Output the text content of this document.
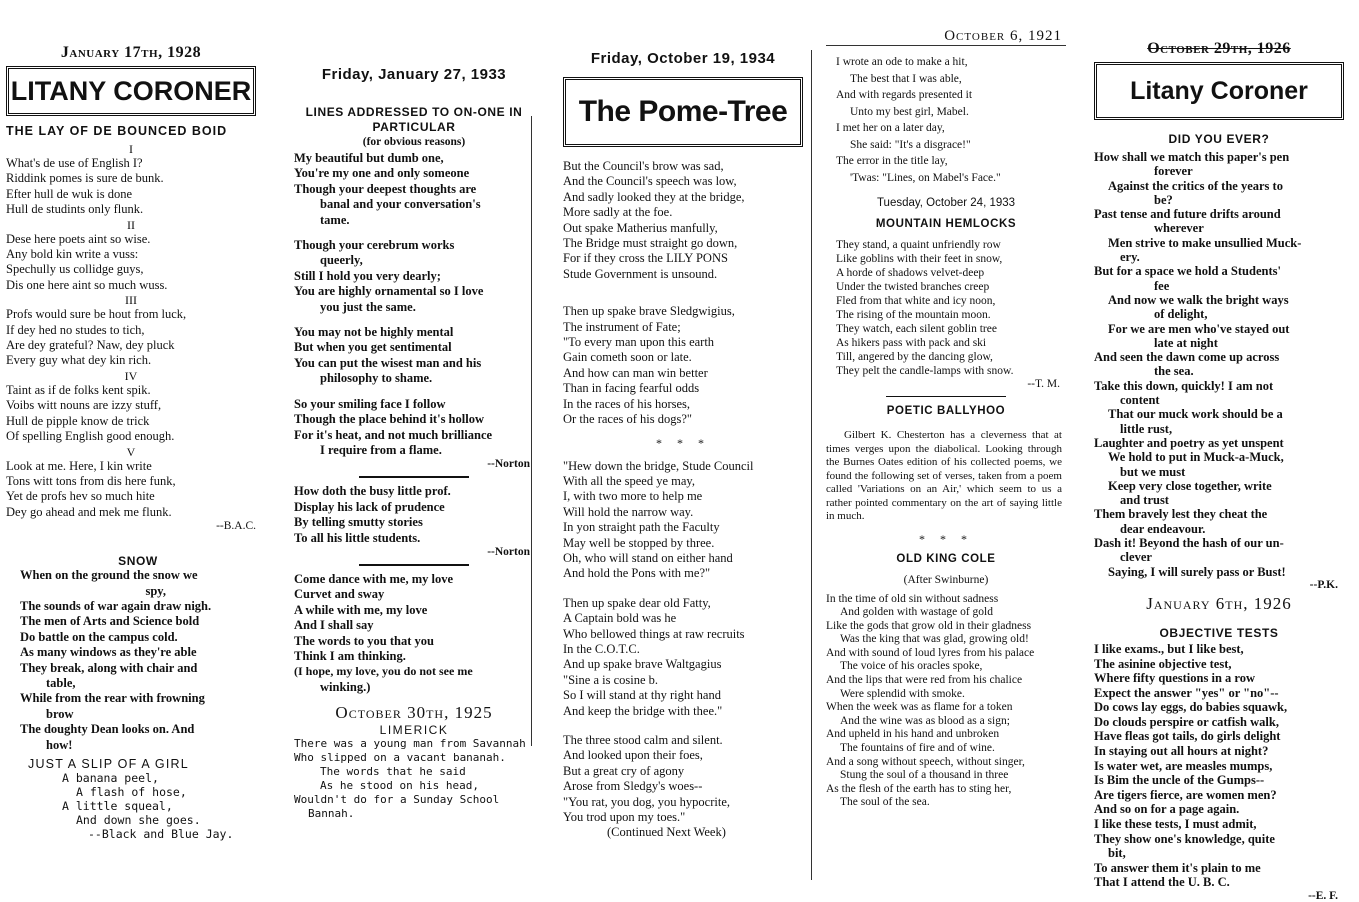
January 17th, 1928
LITANY CORONER
THE LAY OF DE BOUNCED BOID
I
What's de use of English I?
Riddink pomes is sure de bunk.
Efter hull de wuk is done
Hull de studints only flunk.
II
Dese here poets aint so wise.
Any bold kin write a vuss:
Spechully us collidge guys,
Dis one here aint so much wuss.
III
Profs would sure be hout from luck,
If dey hed no studes to tich,
Are dey grateful? Naw, dey pluck
Every guy what dey kin rich.
IV
Taint as if de folks kent spik.
Voibs witt nouns are izzy stuff,
Hull de pipple know de trick
Of spelling English good enough.
V
Look at me. Here, I kin write
Tons witt tons from dis here funk,
Yet de profs hev so much hite
Dey go ahead and mek me flunk.
--B.A.C.
SNOW
When on the ground the snow we
spy,
The sounds of war again draw nigh.
The men of Arts and Science bold
Do battle on the campus cold.
As many windows as they're able
They break, along with chair and
table,
While from the rear with frowning
brow
The doughty Dean looks on. And
how!
JUST A SLIP OF A GIRL
A banana peel,
A flash of hose,
A little squeal,
And down she goes.
--Black and Blue Jay.
Friday, January 27, 1933
LINES ADDRESSED TO ON-ONE IN PARTICULAR
(for obvious reasons)
My beautiful but dumb one,
You're my one and only someone
Though your deepest thoughts are
banal and your conversation's
tame.
Though your cerebrum works
queerly,
Still I hold you very dearly;
You are highly ornamental so I love
you just the same.
You may not be highly mental
But when you get sentimental
You can put the wisest man and his
philosophy to shame.
So your smiling face I follow
Though the place behind it's hollow
For it's heat, and not much brilliance
I require from a flame.
--Norton
How doth the busy little prof.
Display his lack of prudence
By telling smutty stories
To all his little students.
--Norton
Come dance with me, my love
Curvet and sway
A while with me, my love
And I shall say
The words to you that you
Think I am thinking.
(I hope, my love, you do not see me
winking.)
October 30th, 1925
LIMERICK
There was a young man from Savannah
Who slipped on a vacant bananah.
The words that he said
As he stood on his head,
Wouldn't do for a Sunday School
Bannah.
Friday, October 19, 1934
The Pome-Tree
But the Council's brow was sad,
And the Council's speech was low,
And sadly looked they at the bridge,
More sadly at the foe.
Out spake Matherius manfully,
The Bridge must straight go down,
For if they cross the LILY PONS
Stude Government is unsound.
Then up spake brave Sledgwigius,
The instrument of Fate;
"To every man upon this earth
Gain cometh soon or late.
And how can man win better
Than in facing fearful odds
In the races of his horses,
Or the races of his dogs?"
* * *
"Hew down the bridge, Stude Council
With all the speed ye may,
I, with two more to help me
Will hold the narrow way.
In yon straight path the Faculty
May well be stopped by three.
Oh, who will stand on either hand
And hold the Pons with me?"
Then up spake dear old Fatty,
A Captain bold was he
Who bellowed things at raw recruits
In the C.O.T.C.
And up spake brave Waltgagius
"Sine a is cosine b.
So I will stand at thy right hand
And keep the bridge with thee."
The three stood calm and silent.
And looked upon their foes,
But a great cry of agony
Arose from Sledgy's woes--
"You rat, you dog, you hypocrite,
You trod upon my toes."
(Continued Next Week)
October 6, 1921
I wrote an ode to make a hit,
The best that I was able,
And with regards presented it
Unto my best girl, Mabel.
I met her on a later day,
She said: "It's a disgrace!"
The error in the title lay,
'Twas: "Lines, on Mabel's Face."
Tuesday, October 24, 1933
MOUNTAIN HEMLOCKS
They stand, a quaint unfriendly row
Like goblins with their feet in snow,
A horde of shadows velvet-deep
Under the twisted branches creep
Fled from that white and icy noon,
The rising of the mountain moon.
They watch, each silent goblin tree
As hikers pass with pack and ski
Till, angered by the dancing glow,
They pelt the candle-lamps with snow.
--T. M.
POETIC BALLYHOO
Gilbert K. Chesterton has a cleverness that at times verges upon the diabolical. Looking through the Burnes Oates edition of his collected poems, we found the following set of verses, taken from a poem called 'Variations on an Air,' which seem to us a rather pointed commentary on the art of saying little in much.
* * *
OLD KING COLE
(After Swinburne)
In the time of old sin without sadness
And golden with wastage of gold
Like the gods that grow old in their gladness
Was the king that was glad, growing old!
And with sound of loud lyres from his palace
The voice of his oracles spoke,
And the lips that were red from his chalice
Were splendid with smoke.
When the week was as flame for a token
And the wine was as blood as a sign;
And upheld in his hand and unbroken
The fountains of fire and of wine.
And a song without speech, without singer,
Stung the soul of a thousand in three
As the flesh of the earth has to sting her,
The soul of the sea.
October 29th, 1926
Litany Coroner
DID YOU EVER?
How shall we match this paper's pen
forever
Against the critics of the years to
be?
Past tense and future drifts around
wherever
Men strive to make unsullied Muck-
ery.
But for a space we hold a Students'
fee
And now we walk the bright ways
of delight,
For we are men who've stayed out
late at night
And seen the dawn come up across
the sea.
Take this down, quickly! I am not
content
That our muck work should be a
little rust,
Laughter and poetry as yet unspent
We hold to put in Muck-a-Muck,
but we must
Keep very close together, write
and trust
Them bravely lest they cheat the
dear endeavour.
Dash it! Beyond the hash of our un-
clever
Saying, I will surely pass or Bust!
--P.K.
January 6th, 1926
OBJECTIVE TESTS
I like exams., but I like best,
The asinine objective test,
Where fifty questions in a row
Expect the answer "yes" or "no"--
Do cows lay eggs, do babies squawk,
Do clouds perspire or catfish walk,
Have fleas got tails, do girls delight
In staying out all hours at night?
Is water wet, are measles mumps,
Is Bim the uncle of the Gumps--
Are tigers fierce, are women men?
And so on for a page again.
I like these tests, I must admit,
They show one's knowledge, quite
bit,
To answer them it's plain to me
That I attend the U. B. C.
--E. F.
